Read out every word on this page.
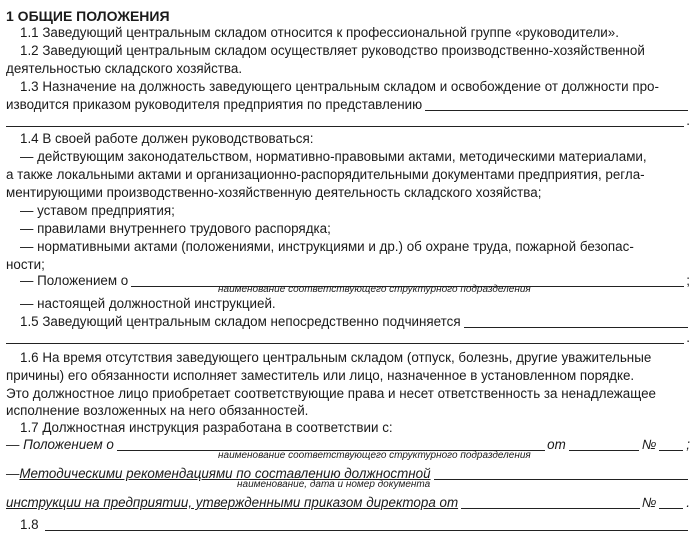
1 ОБЩИЕ ПОЛОЖЕНИЯ
1.1 Заведующий центральным складом относится к профессиональной группе «руководители».
1.2 Заведующий центральным складом осуществляет руководство производственно-хозяйственной
деятельностью складского хозяйства.
1.3 Назначение на должность заведующего центральным складом и освобождение от должности про-
изводится приказом руководителя предприятия по представлению
.
1.4 В своей работе должен руководствоваться:
— действующим законодательством, нормативно-правовыми актами, методическими материалами,
а также локальными актами и организационно-распорядительными документами предприятия, регла-
ментирующими производственно-хозяйственную деятельность складского хозяйства;
— уставом предприятия;
— правилами внутреннего трудового распорядка;
— нормативными актами (положениями, инструкциями и др.) об охране труда, пожарной безопас-
ности;
— Положением о	;
наименование соответствующего структурного подразделения
— настоящей должностной инструкцией.
1.5 Заведующий центральным складом непосредственно подчиняется
.
1.6 На время отсутствия заведующего центральным складом (отпуск, болезнь, другие уважительные
причины) его обязанности исполняет заместитель или лицо, назначенное в установленном порядке.
Это должностное лицо приобретает соответствующие права и несет ответственность за ненадлежащее
исполнение возложенных на него обязанностей.
1.7 Должностная инструкция разработана в соответствии с:
— Положением о	от	№ ;
наименование соответствующего структурного подразделения
— Методическими рекомендациями по составлению должностной
наименование, дата и номер документа
инструкции на предприятии, утвержденными приказом директора от	№ .
1.8
